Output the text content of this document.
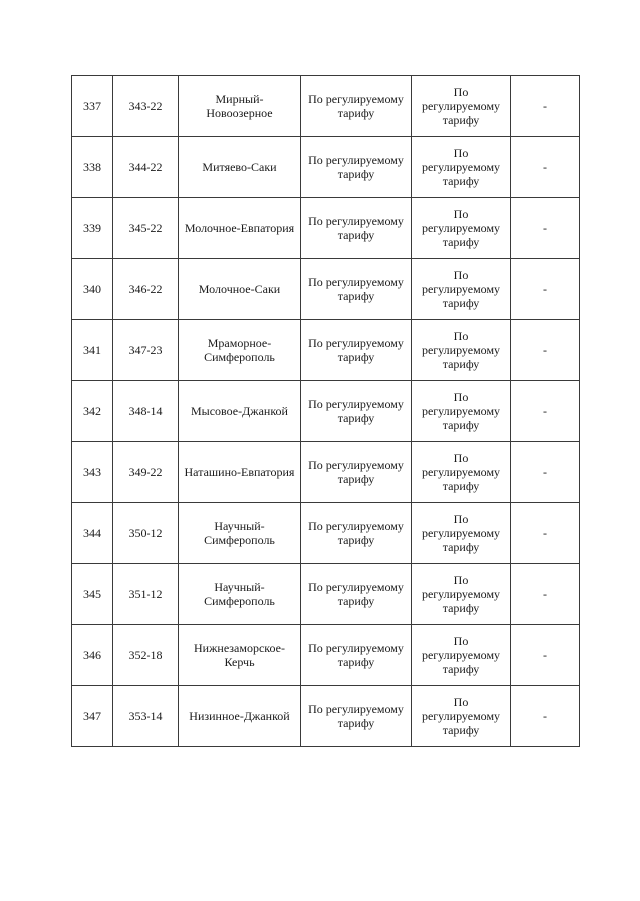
337	343-22	Мирный-
Новоозерное	По регулируемому
тарифу	По
регулируемому
тарифу	-

338	344-22	Митяево-Саки	По регулируемому
тарифу	По
регулируемому
тарифу	-

339	345-22	Молочное-Евпатория	По регулируемому
тарифу	По
регулируемому
тарифу	-

340	346-22	Молочное-Саки	По регулируемому
тарифу	По
регулируемому
тарифу	-

341	347-23	Мраморное-
Симферополь	По регулируемому
тарифу	По
регулируемому
тарифу	-

342	348-14	Мысовое-Джанкой	По регулируемому
тарифу	По
регулируемому
тарифу	-

343	349-22	Наташино-Евпатория	По регулируемому
тарифу	По
регулируемому
тарифу	-

344	350-12	Научный-
Симферополь	По регулируемому
тарифу	По
регулируемому
тарифу	-

345	351-12	Научный-
Симферополь	По регулируемому
тарифу	По
регулируемому
тарифу	-

346	352-18	Нижнезаморское-
Керчь	По регулируемому
тарифу	По
регулируемому
тарифу	-

347	353-14	Низинное-Джанкой	По регулируемому
тарифу	По
регулируемому
тарифу	-
